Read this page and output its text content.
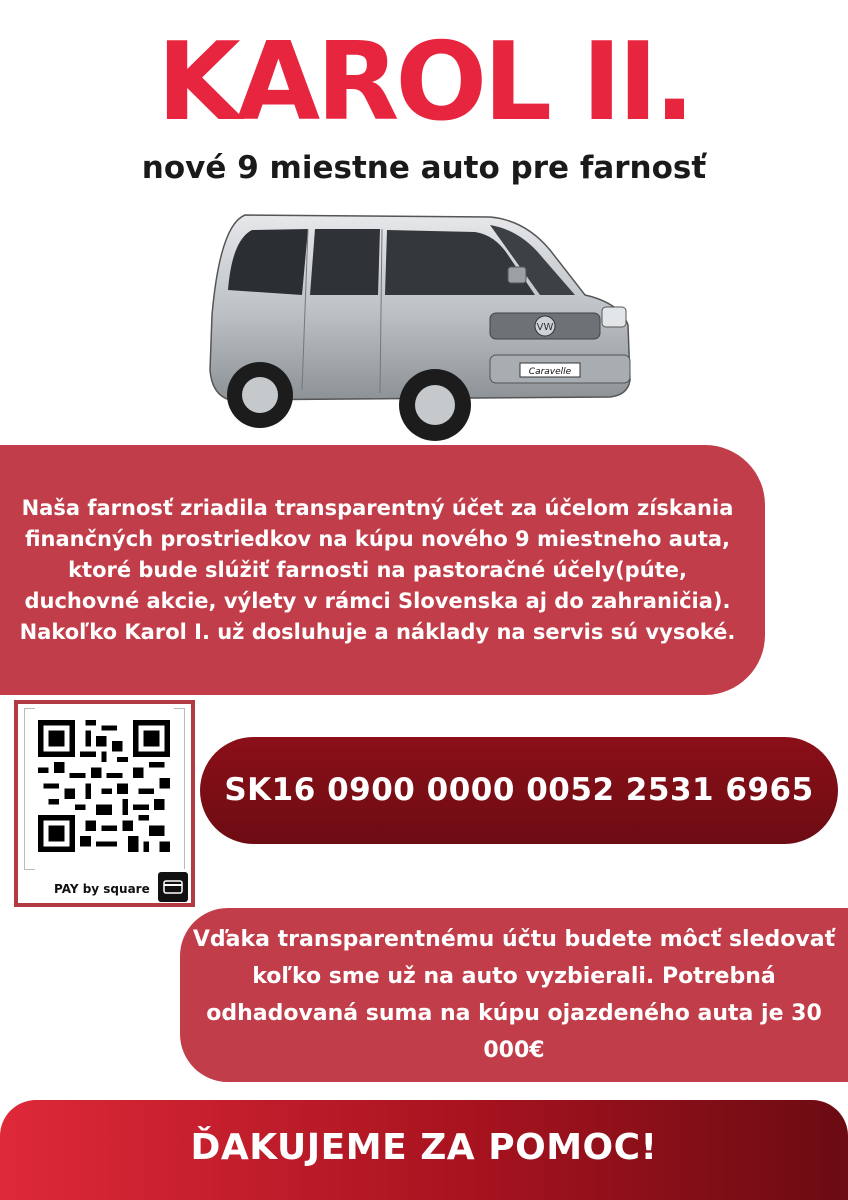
KAROL II.
nové 9 miestne auto pre farnosť
VW
Caravelle
Naša farnosť zriadila transparentný účet za účelom získania finančných prostriedkov na kúpu nového 9 miestneho auta, ktoré bude slúžiť farnosti na pastoračné účely(púte, duchovné akcie, výlety v rámci Slovenska aj do zahraničia). Nakoľko Karol I. už dosluhuje a náklady na servis sú vysoké.
PAY by square
SK16 0900 0000 0052 2531 6965
Vďaka transparentnému účtu budete môcť sledovať koľko sme už na auto vyzbierali. Potrebná odhadovaná suma na kúpu ojazdeného auta je 30 000€
ĎAKUJEME ZA POMOC!
